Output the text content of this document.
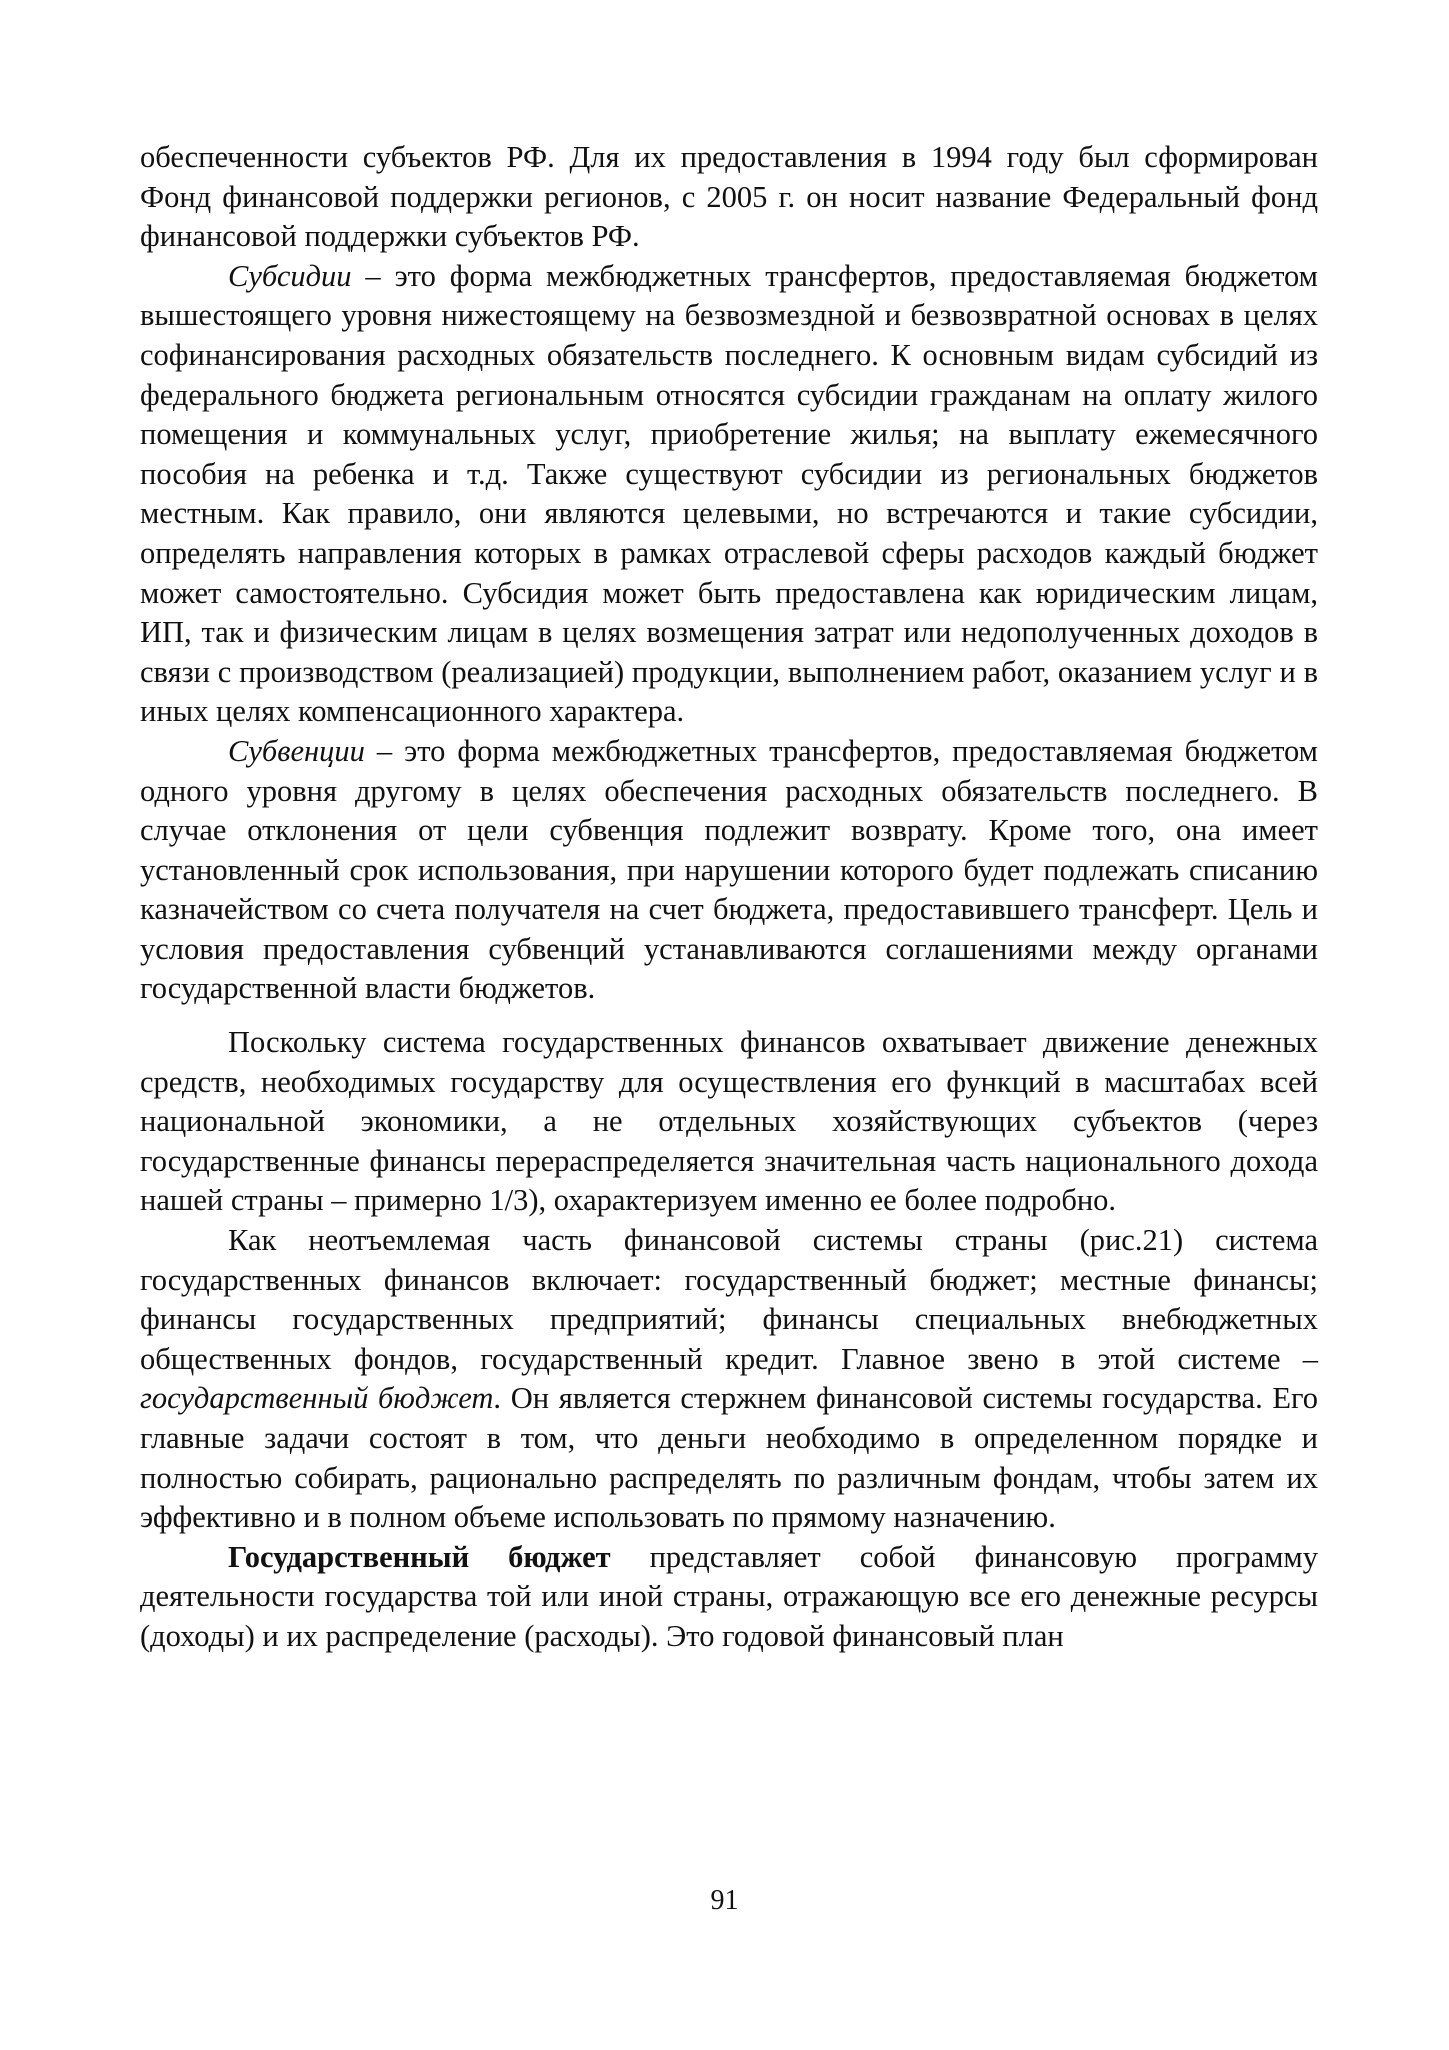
обеспеченности субъектов РФ. Для их предоставления в 1994 году был сформирован Фонд финансовой поддержки регионов, с 2005 г. он носит название Федеральный фонд финансовой поддержки субъектов РФ.

Субсидии – это форма межбюджетных трансфертов, предоставляемая бюджетом вышестоящего уровня нижестоящему на безвозмездной и безвозвратной основах в целях софинансирования расходных обязательств последнего. К основным видам субсидий из федерального бюджета региональным относятся субсидии гражданам на оплату жилого помещения и коммунальных услуг, приобретение жилья; на выплату ежемесячного пособия на ребенка и т.д. Также существуют субсидии из региональных бюджетов местным. Как правило, они являются целевыми, но встречаются и такие субсидии, определять направления которых в рамках отраслевой сферы расходов каждый бюджет может самостоятельно. Субсидия может быть предоставлена как юридическим лицам, ИП, так и физическим лицам в целях возмещения затрат или недополученных доходов в связи с производством (реализацией) продукции, выполнением работ, оказанием услуг и в иных целях компенсационного характера.

Субвенции – это форма межбюджетных трансфертов, предоставляемая бюджетом одного уровня другому в целях обеспечения расходных обязательств последнего. В случае отклонения от цели субвенция подлежит возврату. Кроме того, она имеет установленный срок использования, при нарушении которого будет подлежать списанию казначейством со счета получателя на счет бюджета, предоставившего трансферт. Цель и условия предоставления субвенций устанавливаются соглашениями между органами государственной власти бюджетов.

Поскольку система государственных финансов охватывает движение денежных средств, необходимых государству для осуществления его функций в масштабах всей национальной экономики, а не отдельных хозяйствующих субъектов (через государственные финансы перераспределяется значительная часть национального дохода нашей страны – примерно 1/3), охарактеризуем именно ее более подробно.

Как неотъемлемая часть финансовой системы страны (рис.21) система государственных финансов включает: государственный бюджет; местные финансы; финансы государственных предприятий; финансы специальных внебюджетных общественных фондов, государственный кредит. Главное звено в этой системе – государственный бюджет. Он является стержнем финансовой системы государства. Его главные задачи состоят в том, что деньги необходимо в определенном порядке и полностью собирать, рационально распределять по различным фондам, чтобы затем их эффективно и в полном объеме использовать по прямому назначению.

Государственный бюджет представляет собой финансовую программу деятельности государства той или иной страны, отражающую все его денежные ресурсы (доходы) и их распределение (расходы). Это годовой финансовый план

91
